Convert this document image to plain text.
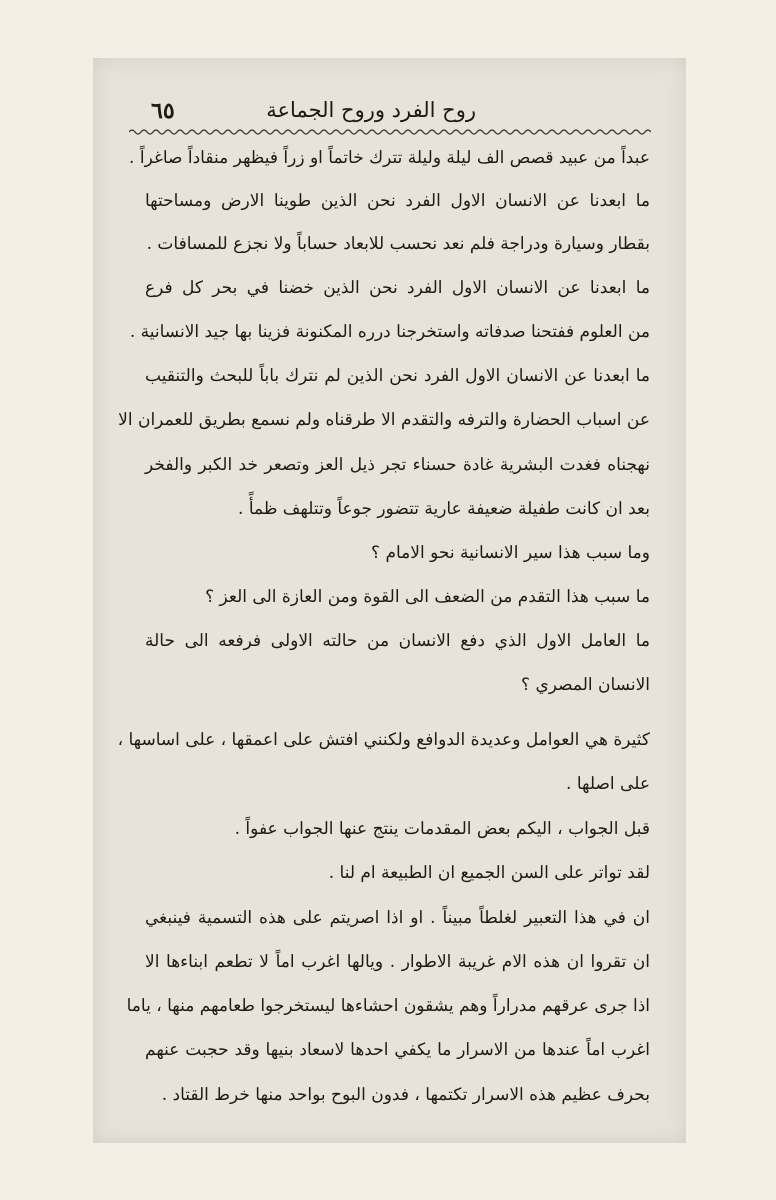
٦٥	روح الفرد وروح الجماعة
عبداً من عبيد قصص الف ليلة وليلة تترك خاتماً او زراً فيظهر منقاداً صاغراً .
ما ابعدنا عن الانسان الاول الفرد نحن الذين طوينا الارض ومساحتها
بقطار وسيارة ودراجة فلم نعد نحسب للابعاد حساباً ولا نجزع للمسافات .
ما ابعدنا عن الانسان الاول الفرد نحن الذين خضنا في بحر كل فرع
من العلوم ففتحنا صدفاته واستخرجنا درره المكنونة فزينا بها جيد الانسانية .
ما ابعدنا عن الانسان الاول الفرد نحن الذين لم نترك باباً للبحث والتنقيب
عن اسباب الحضارة والترفه والتقدم الا طرقناه ولم نسمع بطريق للعمران الا
نهجناه فغدت البشرية غادة حسناء تجر ذيل العز وتصعر خد الكبر والفخر
بعد ان كانت طفيلة ضعيفة عارية تتضور جوعاً وتتلهف ظمأً .
وما سبب هذا سير الانسانية نحو الامام ؟
ما سبب هذا التقدم من الضعف الى القوة ومن العازة الى العز ؟
ما العامل الاول الذي دفع الانسان من حالته الاولى فرفعه الى حالة
الانسان المصري ؟
كثيرة هي العوامل وعديدة الدوافع ولكنني افتش على اعمقها ، على اساسها ،
على اصلها .
قبل الجواب ، اليكم بعض المقدمات ينتج عنها الجواب عفواً .
لقد تواتر على السن الجميع ان الطبيعة ام لنا .
ان في هذا التعبير لغلطاً مبيناً . او اذا اصريتم على هذه التسمية فينبغي
ان تقروا ان هذه الام غريبة الاطوار . ويالها اغرب اماً لا تطعم ابناءها الا
اذا جرى عرقهم مدراراً وهم يشقون احشاءها ليستخرجوا طعامهم منها ، ياما
اغرب اماً عندها من الاسرار ما يكفي احدها لاسعاد بنيها وقد حجبت عنهم
بحرف عظيم هذه الاسرار تكتمها ، فدون البوح بواحد منها خرط القتاد .
